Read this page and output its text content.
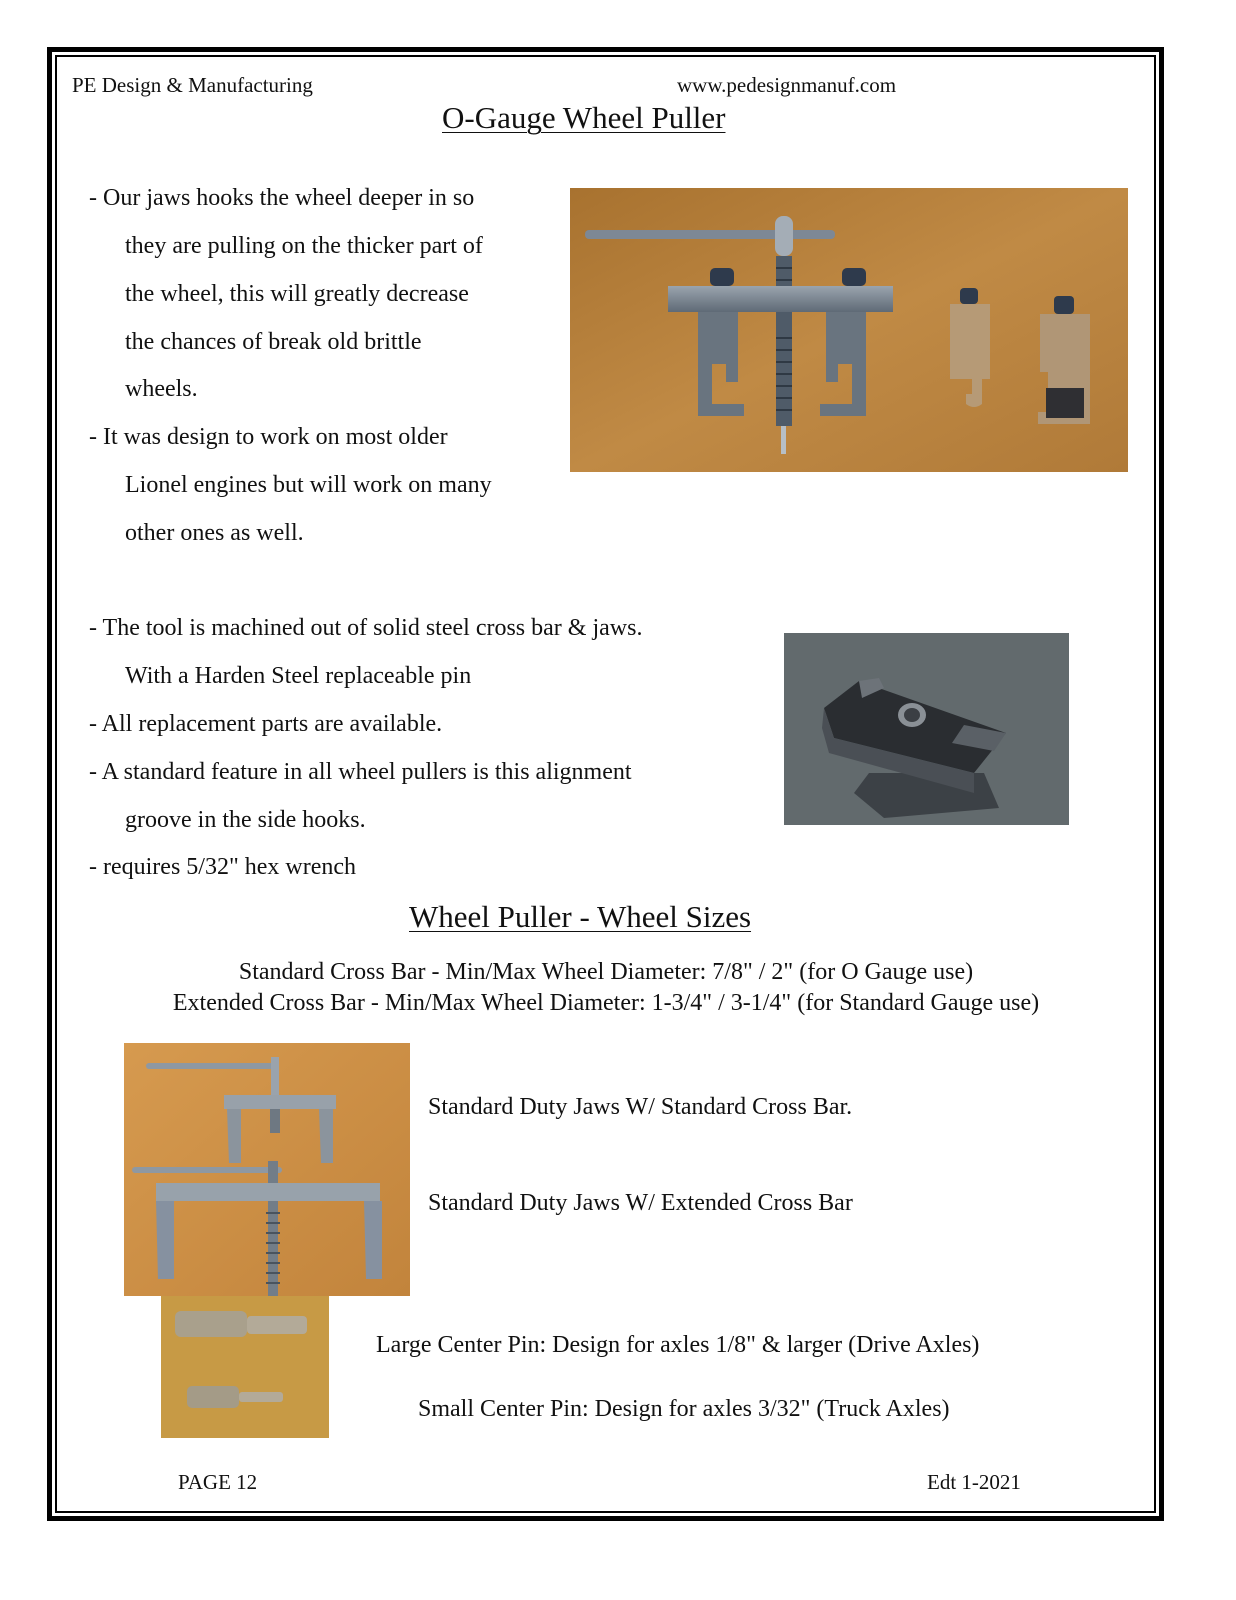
PE Design & Manufacturing	www.pedesignmanuf.com
O-Gauge Wheel Puller
- Our jaws hooks the wheel deeper in so
they are pulling on the thicker part of
the wheel, this will greatly decrease
the chances of break old brittle
wheels.
- It was design to work on most older
Lionel engines but will work on many
other ones as well.
- The tool is machined out of solid steel cross bar & jaws.
With a Harden Steel replaceable pin
- All replacement parts are available.
- A standard feature in all wheel pullers is this alignment
groove in the side hooks.
- requires 5/32" hex wrench
Wheel Puller - Wheel Sizes
Standard Cross Bar - Min/Max Wheel Diameter: 7/8" / 2" (for O Gauge use)
Extended Cross Bar - Min/Max Wheel Diameter: 1-3/4" / 3-1/4" (for Standard Gauge use)
Standard Duty Jaws W/ Standard Cross Bar.
Standard Duty Jaws W/ Extended Cross Bar
Large Center Pin: Design for axles 1/8" & larger (Drive Axles)
Small Center Pin: Design for axles 3/32" (Truck Axles)
PAGE 12	Edt 1-2021
